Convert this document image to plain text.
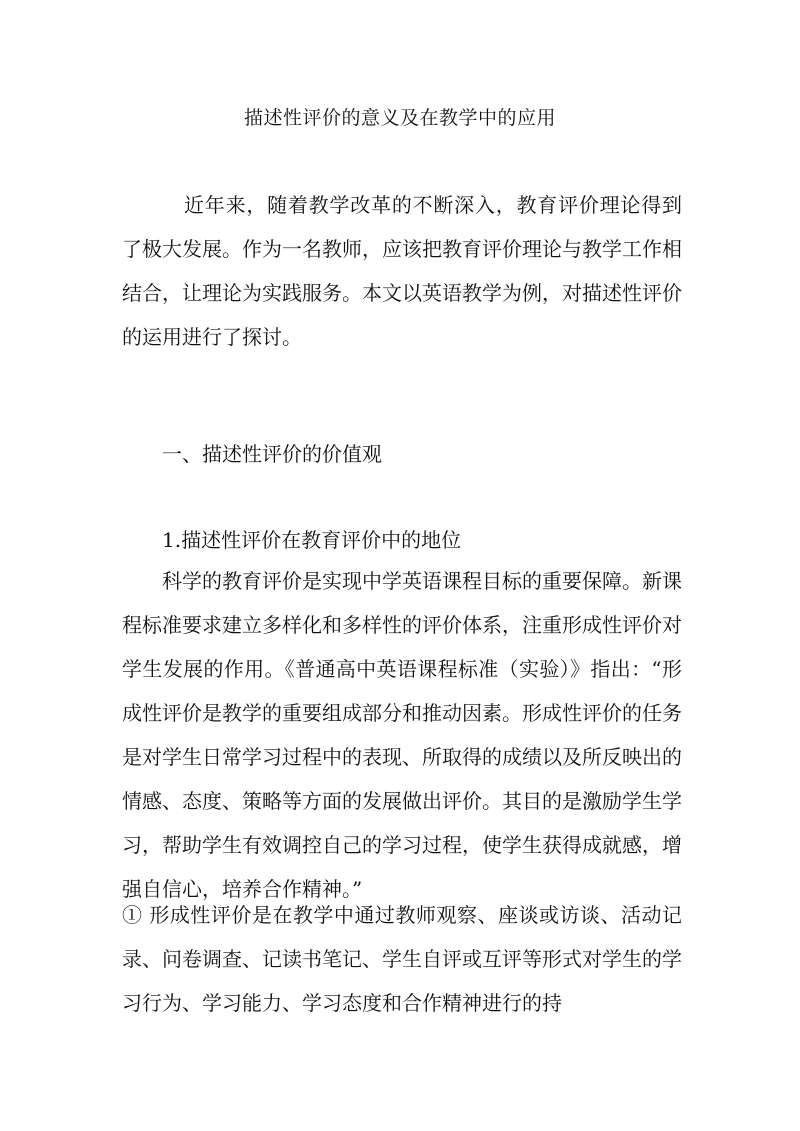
描述性评价的意义及在教学中的应用

近年来，随着教学改革的不断深入，教育评价理论得到了极大发展。作为一名教师，应该把教育评价理论与教学工作相结合，让理论为实践服务。本文以英语教学为例，对描述性评价的运用进行了探讨。

一、描述性评价的价值观

1.描述性评价在教育评价中的地位

科学的教育评价是实现中学英语课程目标的重要保障。新课程标准要求建立多样化和多样性的评价体系，注重形成性评价对学生发展的作用。《普通高中英语课程标准（实验）》指出：“形成性评价是教学的重要组成部分和推动因素。形成性评价的任务是对学生日常学习过程中的表现、所取得的成绩以及所反映出的情感、态度、策略等方面的发展做出评价。其目的是激励学生学习，帮助学生有效调控自己的学习过程，使学生获得成就感，增强自信心，培养合作精神。”

① 形成性评价是在教学中通过教师观察、座谈或访谈、活动记录、问卷调查、记读书笔记、学生自评或互评等形式对学生的学习行为、学习能力、学习态度和合作精神进行的持
